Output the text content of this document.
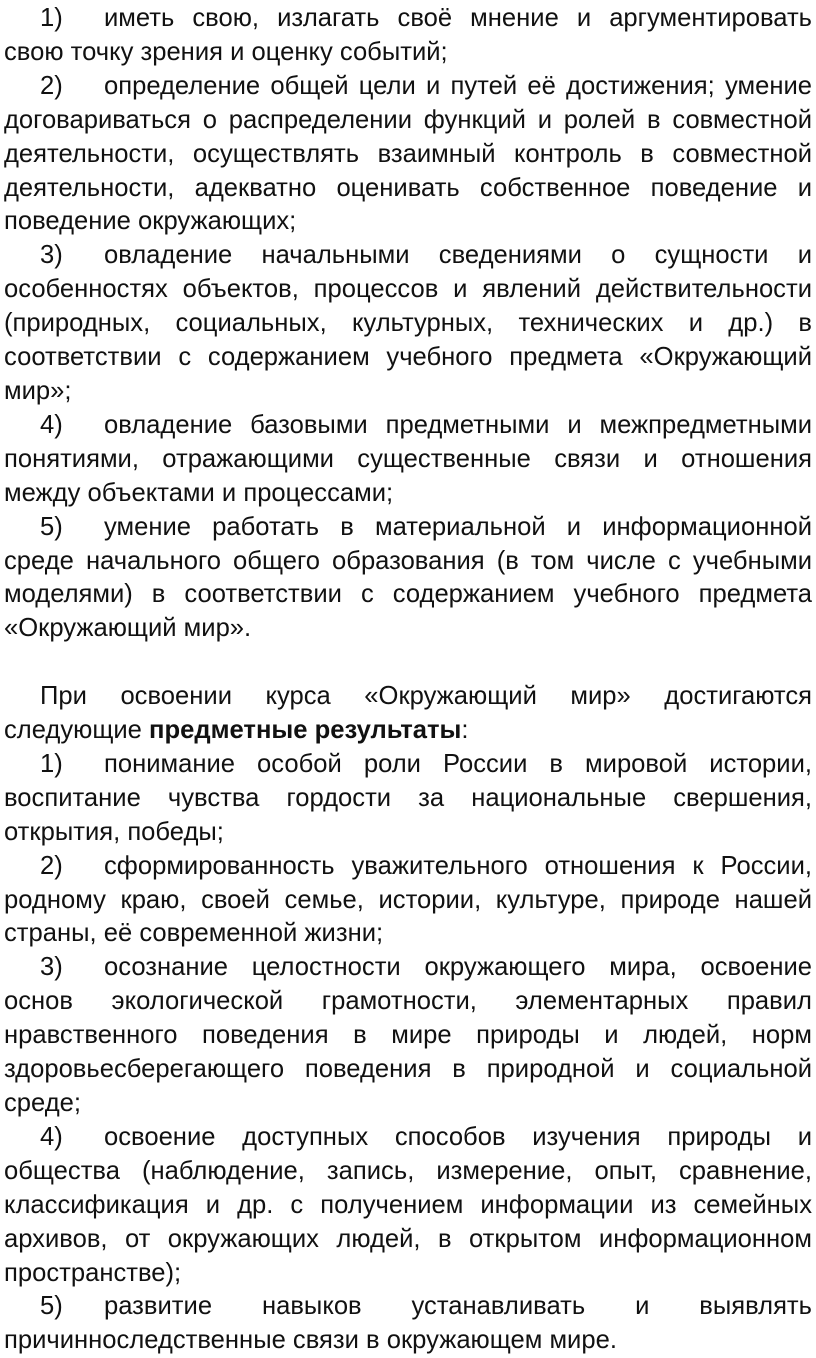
1) иметь свою, излагать своё мнение и аргументировать свою точку зрения и оценку событий;

2) определение общей цели и путей её достижения; умение договариваться о распределении функций и ролей в совместной деятельности, осуществлять взаимный контроль в совместной деятельности, адекватно оценивать собственное поведение и поведение окружающих;

3) овладение начальными сведениями о сущности и особенностях объектов, процессов и явлений действительности (природных, социальных, культурных, технических и др.) в соответствии с содержанием учебного предмета «Окружающий мир»;

4) овладение базовыми предметными и межпредметными понятиями, отражающими существенные связи и отношения между объектами и процессами;

5) умение работать в материальной и информационной среде начального общего образования (в том числе с учебными моделями) в соответствии с содержанием учебного предмета «Окружающий мир».

При освоении курса «Окружающий мир» достигаются следующие предметные результаты:

1) понимание особой роли России в мировой истории, воспитание чувства гордости за национальные свершения, открытия, победы;

2) сформированность уважительного отношения к России, родному краю, своей семье, истории, культуре, природе нашей страны, её современной жизни;

3) осознание целостности окружающего мира, освоение основ экологической грамотности, элементарных правил нравственного поведения в мире природы и людей, норм здоровьесберегающего поведения в природной и социальной среде;

4) освоение доступных способов изучения природы и общества (наблюдение, запись, измерение, опыт, сравнение, классификация и др. с получением информации из семейных архивов, от окружающих людей, в открытом информационном пространстве);

5) развитие навыков устанавливать и выявлять причинноследственные связи в окружающем мире.
